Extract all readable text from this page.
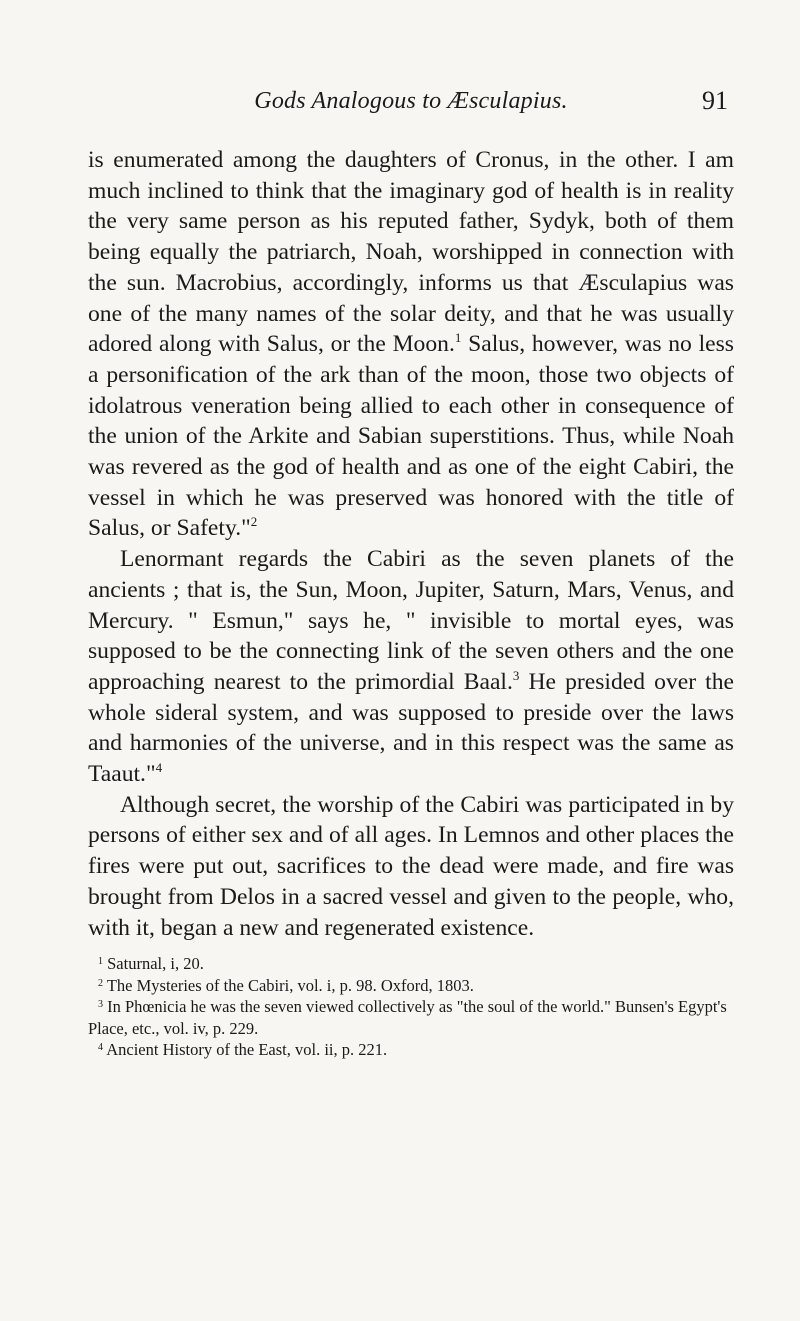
Gods Analogous to Æsculapius.	91

is enumerated among the daughters of Cronus, in the other. I am much inclined to think that the imaginary god of health is in reality the very same person as his reputed father, Sydyk, both of them being equally the patriarch, Noah, worshipped in connection with the sun. Macrobius, accordingly, informs us that Æsculapius was one of the many names of the solar deity, and that he was usually adored along with Salus, or the Moon.$^1$ Salus, however, was no less a personification of the ark than of the moon, those two objects of idolatrous veneration being allied to each other in consequence of the union of the Arkite and Sabian superstitions. Thus, while Noah was revered as the god of health and as one of the eight Cabiri, the vessel in which he was preserved was honored with the title of Salus, or Safety."$^2$

Lenormant regards the Cabiri as the seven planets of the ancients ; that is, the Sun, Moon, Jupiter, Saturn, Mars, Venus, and Mercury. " Esmun," says he, " invisible to mortal eyes, was supposed to be the connecting link of the seven others and the one approaching nearest to the primordial Baal.$^3$ He presided over the whole sideral system, and was supposed to preside over the laws and harmonies of the universe, and in this respect was the same as Taaut."$^4$

Although secret, the worship of the Cabiri was participated in by persons of either sex and of all ages. In Lemnos and other places the fires were put out, sacrifices to the dead were made, and fire was brought from Delos in a sacred vessel and given to the people, who, with it, began a new and regenerated existence.

$^1$ Saturnal, i, 20.

$^2$ The Mysteries of the Cabiri, vol. i, p. 98. Oxford, 1803.

$^3$ In Phœnicia he was the seven viewed collectively as "the soul of the world." Bunsen's Egypt's Place, etc., vol. iv, p. 229.

$^4$ Ancient History of the East, vol. ii, p. 221.
